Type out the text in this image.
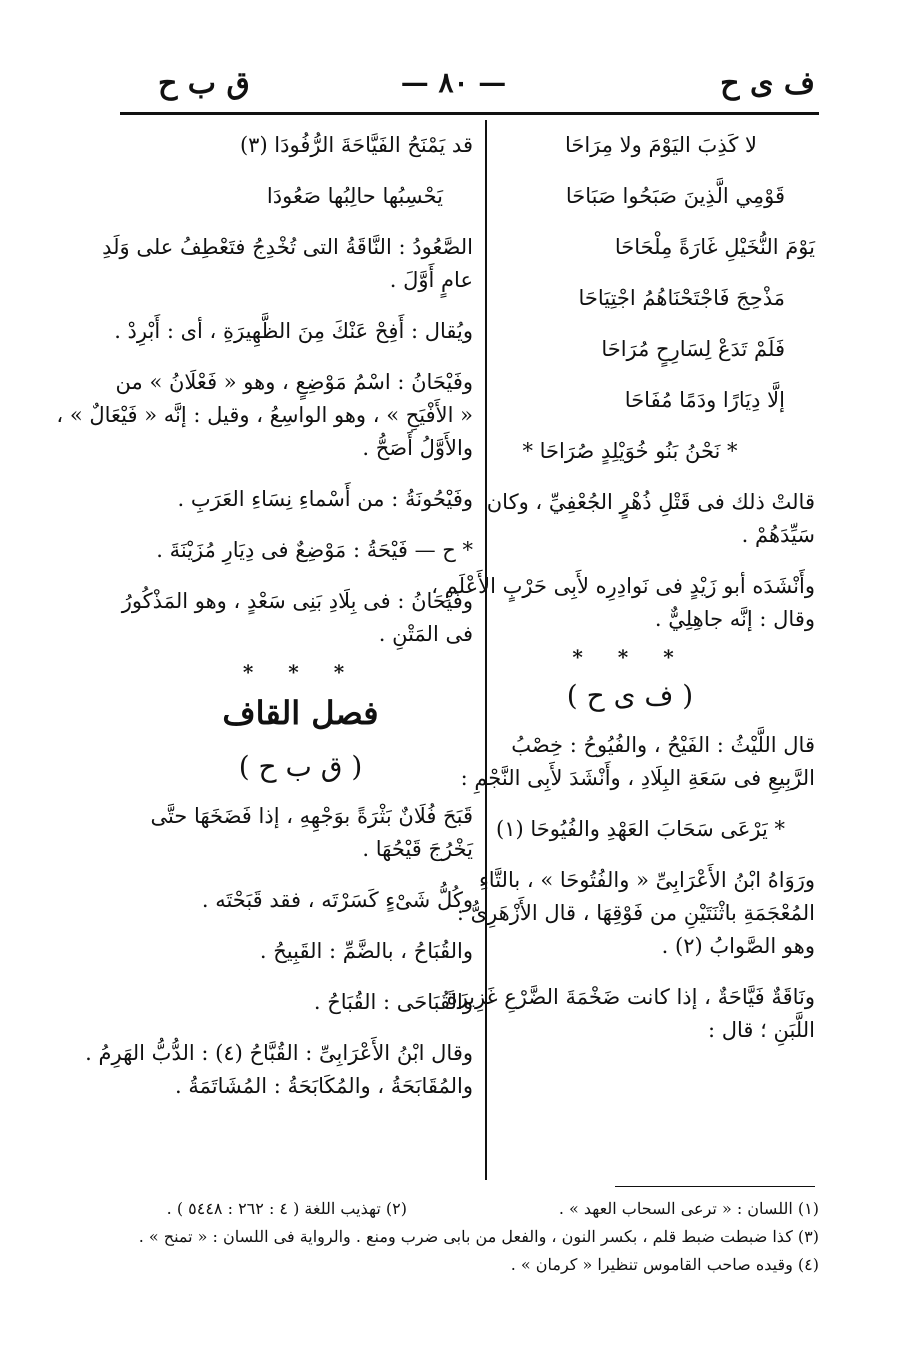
ف ى ح
— ٨٠ —
ق ب ح
لا كَذِبَ اليَوْمَ ولا مِرَاحَا
قَوْمِي الَّذِينَ صَبَحُوا صَبَاحَا
يَوْمَ النُّخَيْلِ غَارَةً مِلْحَاحَا
مَذْحِجَ فَاجْتَحْنَاهُمُ اجْتِيَاحَا
فَلَمْ تَدَعْ لِسَارِحٍ مُرَاحَا
إلَّا دِيَارًا ودَمًا مُفَاحَا
* نَحْنُ بَنُو خُوَيْلِدٍ صُرَاحَا *
قالتْ ذلك فى قَتْلِ ذُهْرٍ الجُعْفِيِّ ، وكان
سَيِّدَهُمْ .
وأَنْشَدَه أبو زَيْدٍ فى نَوادِرِه لأَبِى حَرْبٍ الأَعْلَمِ ،
وقال : إنَّه جاهِلِيٌّ .
* * *
( ف ى ح )
قال اللَّيْثُ : الفَيْحُ ، والفُيُوحُ : خِصْبُ
الرَّبِيعِ فى سَعَةِ البِلَادِ ، وأَنْشَدَ لأَبِى النَّجْمِ :
* يَرْعَى سَحَابَ العَهْدِ والفُيُوحَا (١)
ورَوَاهُ ابْنُ الأَعْرَابِىِّ « والفُتُوحَا » ، بالتَّاءِ
المُعْجَمَةِ باثْنَتَيْنِ من فَوْقِهَا ، قال الأَزْهَرِىُّ :
وهو الصَّوابُ (٢) .
ونَاقَةٌ فَيَّاحَةٌ ، إذا كانت ضَخْمَةَ الضَّرْعِ غَزِيرَةَ
اللَّبَنِ ؛ قال :
قد يَمْنَحُ الفَيَّاحَةَ الرُّفُودَا (٣)
يَحْسِبُها حالِبُها صَعُودَا
الصَّعُودُ : النَّاقَةُ التى تُخْدِجُ فتَعْطِفُ على وَلَدِ
عامٍ أَوَّلَ .
ويُقال : أَفِحْ عَنْكَ مِنَ الظَّهِيرَةِ ، أى : أَبْرِدْ .
وفَيْحَانُ : اسْمُ مَوْضِعٍ ، وهو « فَعْلَانُ » من
« الأَفْيَحِ » ، وهو الواسِعُ ، وقيل : إنَّه « فَيْعَالٌ » ،
والأَوَّلُ أَصَحُّ .
وفَيْحُونَةُ : من أَسْماءِ نِسَاءِ العَرَبِ .
* ح — فَيْحَةُ : مَوْضِعٌ فى دِيَارِ مُزَيْنَةَ .
وفَيْحَانُ : فى بِلَادِ بَنِى سَعْدٍ ، وهو المَذْكُورُ
فى المَتْنِ .
* * *
فصل القاف
( ق ب ح )
قَبَحَ فُلَانٌ بَثْرَةً بوَجْهِهِ ، إذا فَضَخَهَا حتَّى
يَخْرُجَ قَيْحُهَا .
وكُلُّ شَىْءٍ كَسَرْتَه ، فقد قَبَحْتَه .
والقُبَاحُ ، بالضَّمِّ : القَبِيحُ .
والقُبَاحَى : القُبَاحُ .
وقال ابْنُ الأَعْرَابِىِّ : القُبَّاحُ (٤) : الدُّبُّ الهَرِمُ .
والمُقَابَحَةُ ، والمُكَابَحَةُ : المُشَاتَمَةُ .
(١) اللسان : « ترعى السحاب العهد » .
(٢) تهذيب اللغة ( ٤ : ٢٦٢ : ٥٤٤٨ ) .
(٣) كذا ضبطت ضبط قلم ، بكسر النون ، والفعل من بابى ضرب ومنع . والرواية فى اللسان : « تمنح » .
(٤) وقيده صاحب القاموس تنظيرا « كرمان » .
